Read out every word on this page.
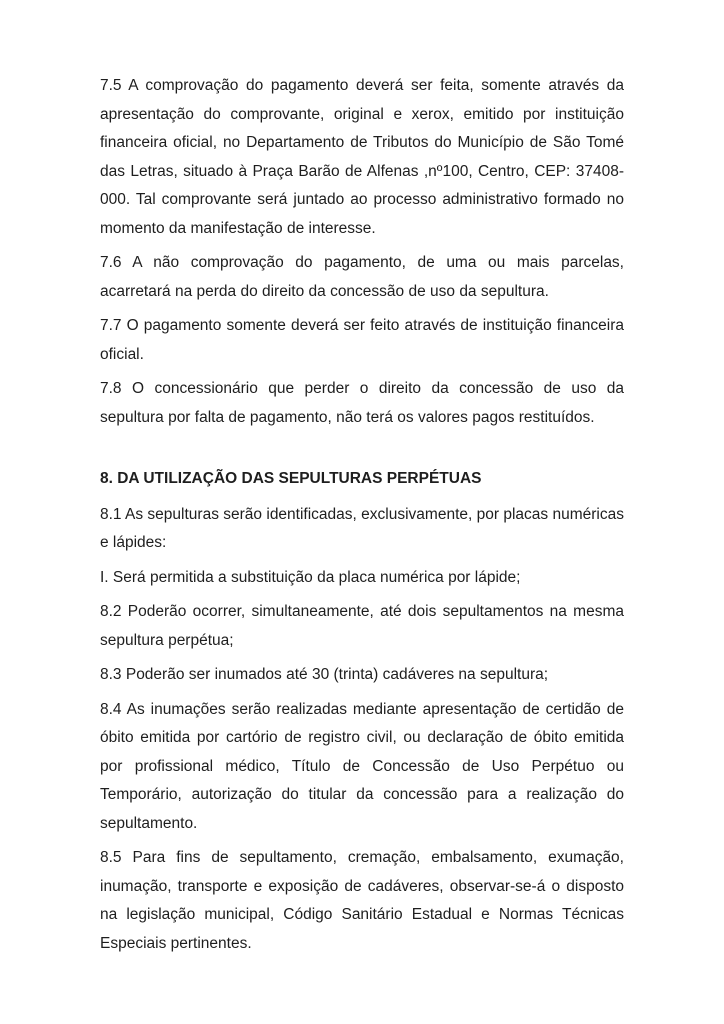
7.5 A comprovação do pagamento deverá ser feita, somente através da apresentação do comprovante, original e xerox, emitido por instituição financeira oficial, no Departamento de Tributos do Município de São Tomé das Letras, situado à Praça Barão de Alfenas ,nº100, Centro, CEP: 37408-000. Tal comprovante será juntado ao processo administrativo formado no momento da manifestação de interesse.

7.6 A não comprovação do pagamento, de uma ou mais parcelas, acarretará na perda do direito da concessão de uso da sepultura.

7.7 O pagamento somente deverá ser feito através de instituição financeira oficial.

7.8 O concessionário que perder o direito da concessão de uso da sepultura por falta de pagamento, não terá os valores pagos restituídos.

8. DA UTILIZAÇÃO DAS SEPULTURAS PERPÉTUAS

8.1 As sepulturas serão identificadas, exclusivamente, por placas numéricas e lápides:

I. Será permitida a substituição da placa numérica por lápide;

8.2 Poderão ocorrer, simultaneamente, até dois sepultamentos na mesma sepultura perpétua;

8.3 Poderão ser inumados até 30 (trinta) cadáveres na sepultura;

8.4 As inumações serão realizadas mediante apresentação de certidão de óbito emitida por cartório de registro civil, ou declaração de óbito emitida por profissional médico, Título de Concessão de Uso Perpétuo ou Temporário, autorização do titular da concessão para a realização do sepultamento.

8.5 Para fins de sepultamento, cremação, embalsamento, exumação, inumação, transporte e exposição de cadáveres, observar-se-á o disposto na legislação municipal, Código Sanitário Estadual e Normas Técnicas Especiais pertinentes.
